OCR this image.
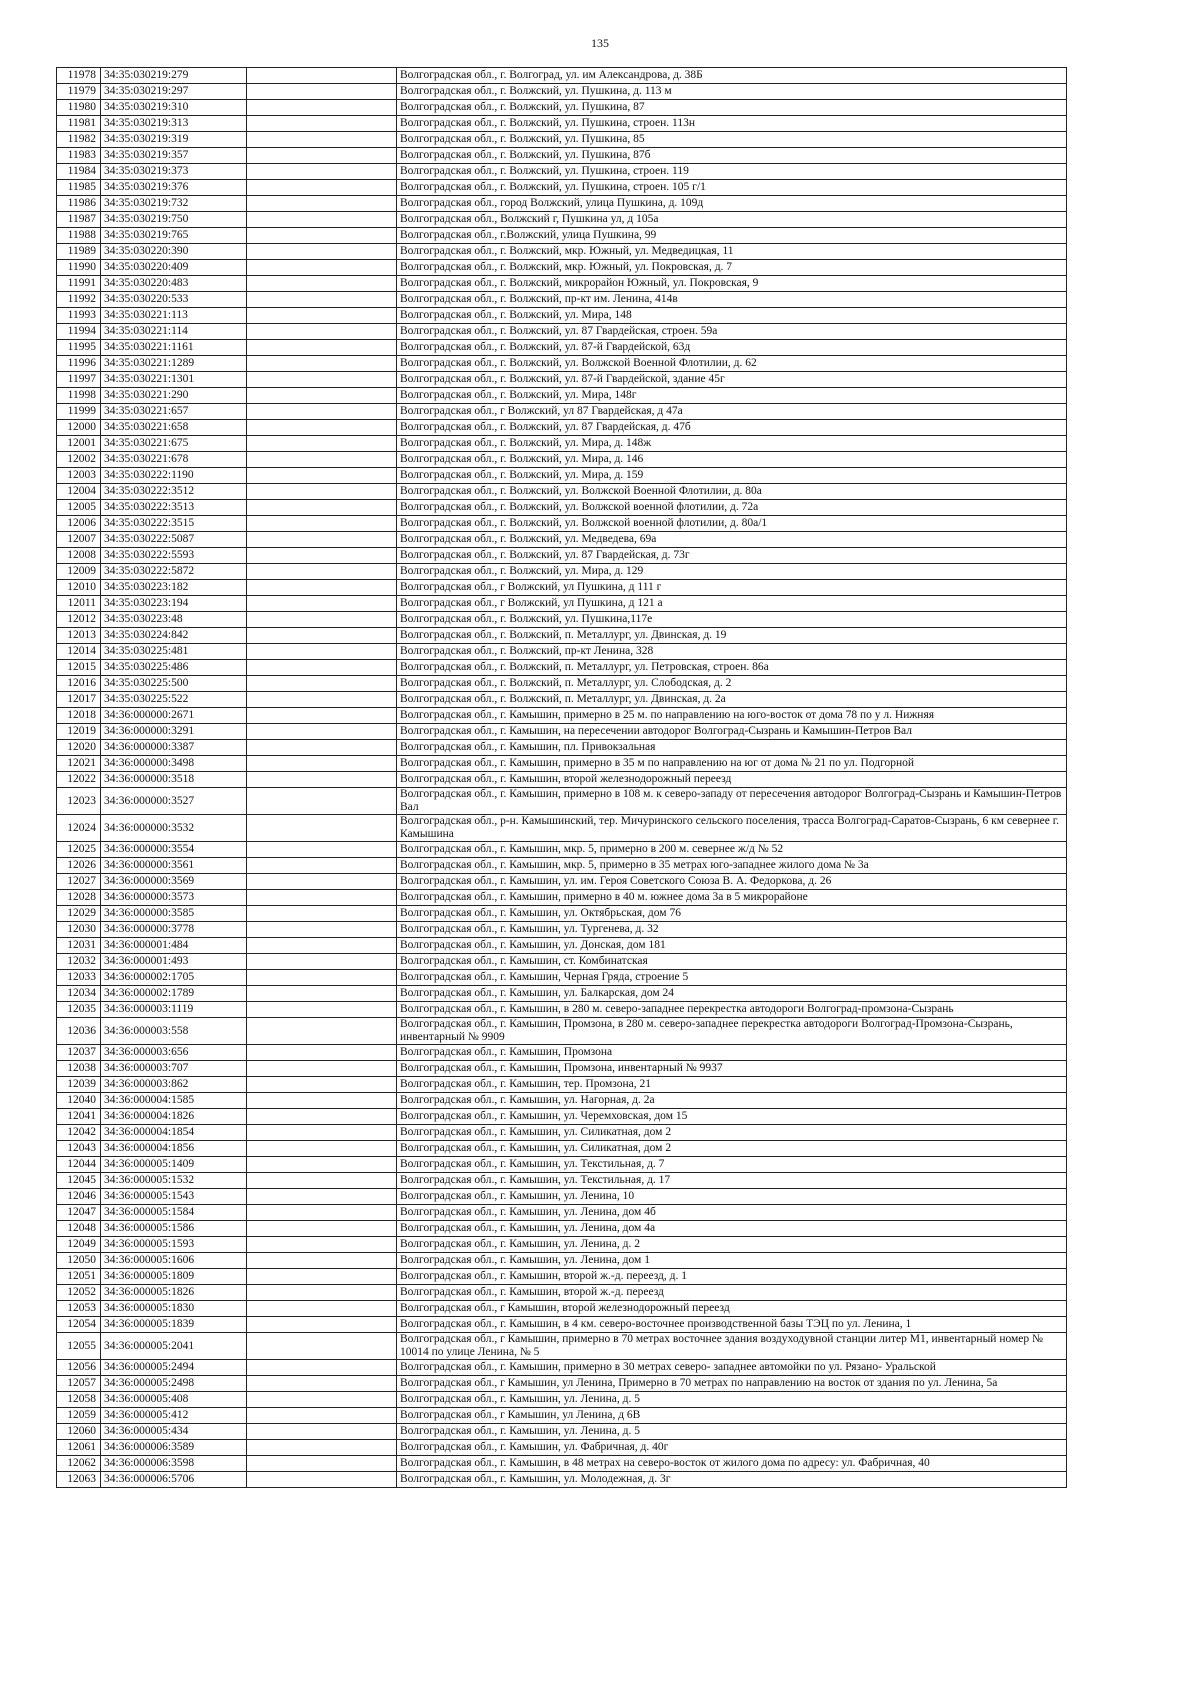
135
11978	34:35:030219:279		Волгоградская обл., г. Волгоград, ул. им Александрова, д. 38Б
11979	34:35:030219:297		Волгоградская обл., г. Волжский, ул. Пушкина, д. 113 м
11980	34:35:030219:310		Волгоградская обл., г. Волжский, ул. Пушкина, 87
11981	34:35:030219:313		Волгоградская обл., г. Волжский, ул. Пушкина, строен. 113н
11982	34:35:030219:319		Волгоградская обл., г. Волжский, ул. Пушкина, 85
11983	34:35:030219:357		Волгоградская обл., г. Волжский, ул. Пушкина, 87б
11984	34:35:030219:373		Волгоградская обл., г. Волжский, ул. Пушкина, строен. 119
11985	34:35:030219:376		Волгоградская обл., г. Волжский, ул. Пушкина, строен. 105 г/1
11986	34:35:030219:732		Волгоградская обл., город Волжский, улица Пушкина, д. 109д
11987	34:35:030219:750		Волгоградская обл., Волжский г, Пушкина ул, д 105а
11988	34:35:030219:765		Волгоградская обл., г.Волжский, улица Пушкина, 99
11989	34:35:030220:390		Волгоградская обл., г. Волжский, мкр. Южный, ул. Медведицкая, 11
11990	34:35:030220:409		Волгоградская обл., г. Волжский, мкр. Южный, ул. Покровская, д. 7
11991	34:35:030220:483		Волгоградская обл., г. Волжский, микрорайон Южный, ул. Покровская, 9
11992	34:35:030220:533		Волгоградская обл., г. Волжский, пр-кт им. Ленина, 414в
11993	34:35:030221:113		Волгоградская обл., г. Волжский, ул. Мира, 148
11994	34:35:030221:114		Волгоградская обл., г. Волжский, ул. 87 Гвардейская, строен. 59а
11995	34:35:030221:1161		Волгоградская обл., г. Волжский, ул. 87-й Гвардейской, 63д
11996	34:35:030221:1289		Волгоградская обл., г. Волжский, ул. Волжской Военной Флотилии, д. 62
11997	34:35:030221:1301		Волгоградская обл., г. Волжский, ул. 87-й Гвардейской, здание 45г
11998	34:35:030221:290		Волгоградская обл., г. Волжский, ул. Мира, 148г
11999	34:35:030221:657		Волгоградская обл., г Волжский, ул 87 Гвардейская, д 47а
12000	34:35:030221:658		Волгоградская обл., г. Волжский, ул. 87 Гвардейская, д. 47б
12001	34:35:030221:675		Волгоградская обл., г. Волжский, ул. Мира, д. 148ж
12002	34:35:030221:678		Волгоградская обл., г. Волжский, ул. Мира, д. 146
12003	34:35:030222:1190		Волгоградская обл., г. Волжский, ул. Мира, д. 159
12004	34:35:030222:3512		Волгоградская обл., г. Волжский, ул. Волжской Военной Флотилии, д. 80а
12005	34:35:030222:3513		Волгоградская обл., г. Волжский, ул. Волжской военной флотилии, д. 72а
12006	34:35:030222:3515		Волгоградская обл., г. Волжский, ул. Волжской военной флотилии, д. 80а/1
12007	34:35:030222:5087		Волгоградская обл., г. Волжский, ул. Медведева, 69а
12008	34:35:030222:5593		Волгоградская обл., г. Волжский, ул. 87 Гвардейская, д. 73г
12009	34:35:030222:5872		Волгоградская обл., г. Волжский, ул. Мира, д. 129
12010	34:35:030223:182		Волгоградская обл., г Волжский, ул Пушкина, д 111 г
12011	34:35:030223:194		Волгоградская обл., г Волжский, ул Пушкина, д 121 а
12012	34:35:030223:48		Волгоградская обл., г. Волжский, ул. Пушкина,117е
12013	34:35:030224:842		Волгоградская обл., г. Волжский, п. Металлург, ул. Двинская, д. 19
12014	34:35:030225:481		Волгоградская обл., г. Волжский, пр-кт Ленина, 328
12015	34:35:030225:486		Волгоградская обл., г. Волжский, п. Металлург, ул. Петровская, строен. 86а
12016	34:35:030225:500		Волгоградская обл., г. Волжский, п. Металлург, ул. Слободская, д. 2
12017	34:35:030225:522		Волгоградская обл., г. Волжский, п. Металлург, ул. Двинская, д. 2а
12018	34:36:000000:2671		Волгоградская обл., г. Камышин, примерно в 25 м. по направлению на юго-восток от дома 78 по у л. Нижняя
12019	34:36:000000:3291		Волгоградская обл., г. Камышин, на пересечении автодорог Волгоград-Сызрань и Камышин-Петров Вал
12020	34:36:000000:3387		Волгоградская обл., г. Камышин, пл. Привокзальная
12021	34:36:000000:3498		Волгоградская обл., г. Камышин, примерно в 35 м по направлению на юг от дома № 21 по ул. Подгорной
12022	34:36:000000:3518		Волгоградская обл., г. Камышин, второй железнодорожный переезд
12023	34:36:000000:3527		Волгоградская обл., г. Камышин, примерно в 108 м. к северо-западу от пересечения автодорог Волгоград-Сызрань и Камышин-Петров Вал
12024	34:36:000000:3532		Волгоградская обл., р-н. Камышинский, тер. Мичуринского сельского поселения, трасса Волгоград-Саратов-Сызрань, 6 км севернее г. Камышина
12025	34:36:000000:3554		Волгоградская обл., г. Камышин, мкр. 5, примерно в 200 м. севернее ж/д № 52
12026	34:36:000000:3561		Волгоградская обл., г. Камышин, мкр. 5, примерно в 35 метрах юго-западнее жилого дома № 3а
12027	34:36:000000:3569		Волгоградская обл., г. Камышин, ул. им. Героя Советского Союза В. А. Федоркова, д. 26
12028	34:36:000000:3573		Волгоградская обл., г. Камышин, примерно в 40 м. южнее дома 3а в 5 микрорайоне
12029	34:36:000000:3585		Волгоградская обл., г. Камышин, ул. Октябрьская, дом 76
12030	34:36:000000:3778		Волгоградская обл., г. Камышин, ул. Тургенева, д. 32
12031	34:36:000001:484		Волгоградская обл., г. Камышин, ул. Донская, дом 181
12032	34:36:000001:493		Волгоградская обл., г. Камышин, ст. Комбинатская
12033	34:36:000002:1705		Волгоградская обл., г. Камышин, Черная Гряда, строение 5
12034	34:36:000002:1789		Волгоградская обл., г. Камышин, ул. Балкарская, дом 24
12035	34:36:000003:1119		Волгоградская обл., г. Камышин, в 280 м. северо-западнее перекрестка автодороги Волгоград-промзона-Сызрань
12036	34:36:000003:558		Волгоградская обл., г. Камышин, Промзона, в 280 м. северо-западнее перекрестка автодороги Волгоград-Промзона-Сызрань, инвентарный № 9909
12037	34:36:000003:656		Волгоградская обл., г. Камышин, Промзона
12038	34:36:000003:707		Волгоградская обл., г. Камышин, Промзона, инвентарный № 9937
12039	34:36:000003:862		Волгоградская обл., г. Камышин, тер. Промзона, 21
12040	34:36:000004:1585		Волгоградская обл., г. Камышин, ул. Нагорная, д. 2а
12041	34:36:000004:1826		Волгоградская обл., г. Камышин, ул. Черемховская, дом 15
12042	34:36:000004:1854		Волгоградская обл., г. Камышин, ул. Силикатная, дом 2
12043	34:36:000004:1856		Волгоградская обл., г. Камышин, ул. Силикатная, дом 2
12044	34:36:000005:1409		Волгоградская обл., г. Камышин, ул. Текстильная, д. 7
12045	34:36:000005:1532		Волгоградская обл., г. Камышин, ул. Текстильная, д. 17
12046	34:36:000005:1543		Волгоградская обл., г. Камышин, ул. Ленина, 10
12047	34:36:000005:1584		Волгоградская обл., г. Камышин, ул. Ленина, дом 4б
12048	34:36:000005:1586		Волгоградская обл., г. Камышин, ул. Ленина, дом 4а
12049	34:36:000005:1593		Волгоградская обл., г. Камышин, ул. Ленина, д. 2
12050	34:36:000005:1606		Волгоградская обл., г. Камышин, ул. Ленина, дом 1
12051	34:36:000005:1809		Волгоградская обл., г. Камышин, второй ж.-д. переезд, д. 1
12052	34:36:000005:1826		Волгоградская обл., г. Камышин, второй ж.-д. переезд
12053	34:36:000005:1830		Волгоградская обл., г Камышин, второй железнодорожный переезд
12054	34:36:000005:1839		Волгоградская обл., г. Камышин, в 4 км. северо-восточнее производственной базы ТЭЦ по ул. Ленина, 1
12055	34:36:000005:2041		Волгоградская обл., г Камышин, примерно в 70 метрах восточнее здания воздуходувной станции литер М1, инвентарный номер № 10014 по улице Ленина, № 5
12056	34:36:000005:2494		Волгоградская обл., г. Камышин, примерно в 30 метрах северо- западнее автомойки по ул. Рязано- Уральской
12057	34:36:000005:2498		Волгоградская обл., г Камышин, ул Ленина, Примерно в 70 метрах по направлению на восток от здания по ул. Ленина, 5а
12058	34:36:000005:408		Волгоградская обл., г. Камышин, ул. Ленина, д. 5
12059	34:36:000005:412		Волгоградская обл., г Камышин, ул Ленина, д 6В
12060	34:36:000005:434		Волгоградская обл., г. Камышин, ул. Ленина, д. 5
12061	34:36:000006:3589		Волгоградская обл., г. Камышин, ул. Фабричная, д. 40г
12062	34:36:000006:3598		Волгоградская обл., г. Камышин, в 48 метрах на северо-восток от жилого дома по адресу: ул. Фабричная, 40
12063	34:36:000006:5706		Волгоградская обл., г. Камышин, ул. Молодежная, д. 3г
